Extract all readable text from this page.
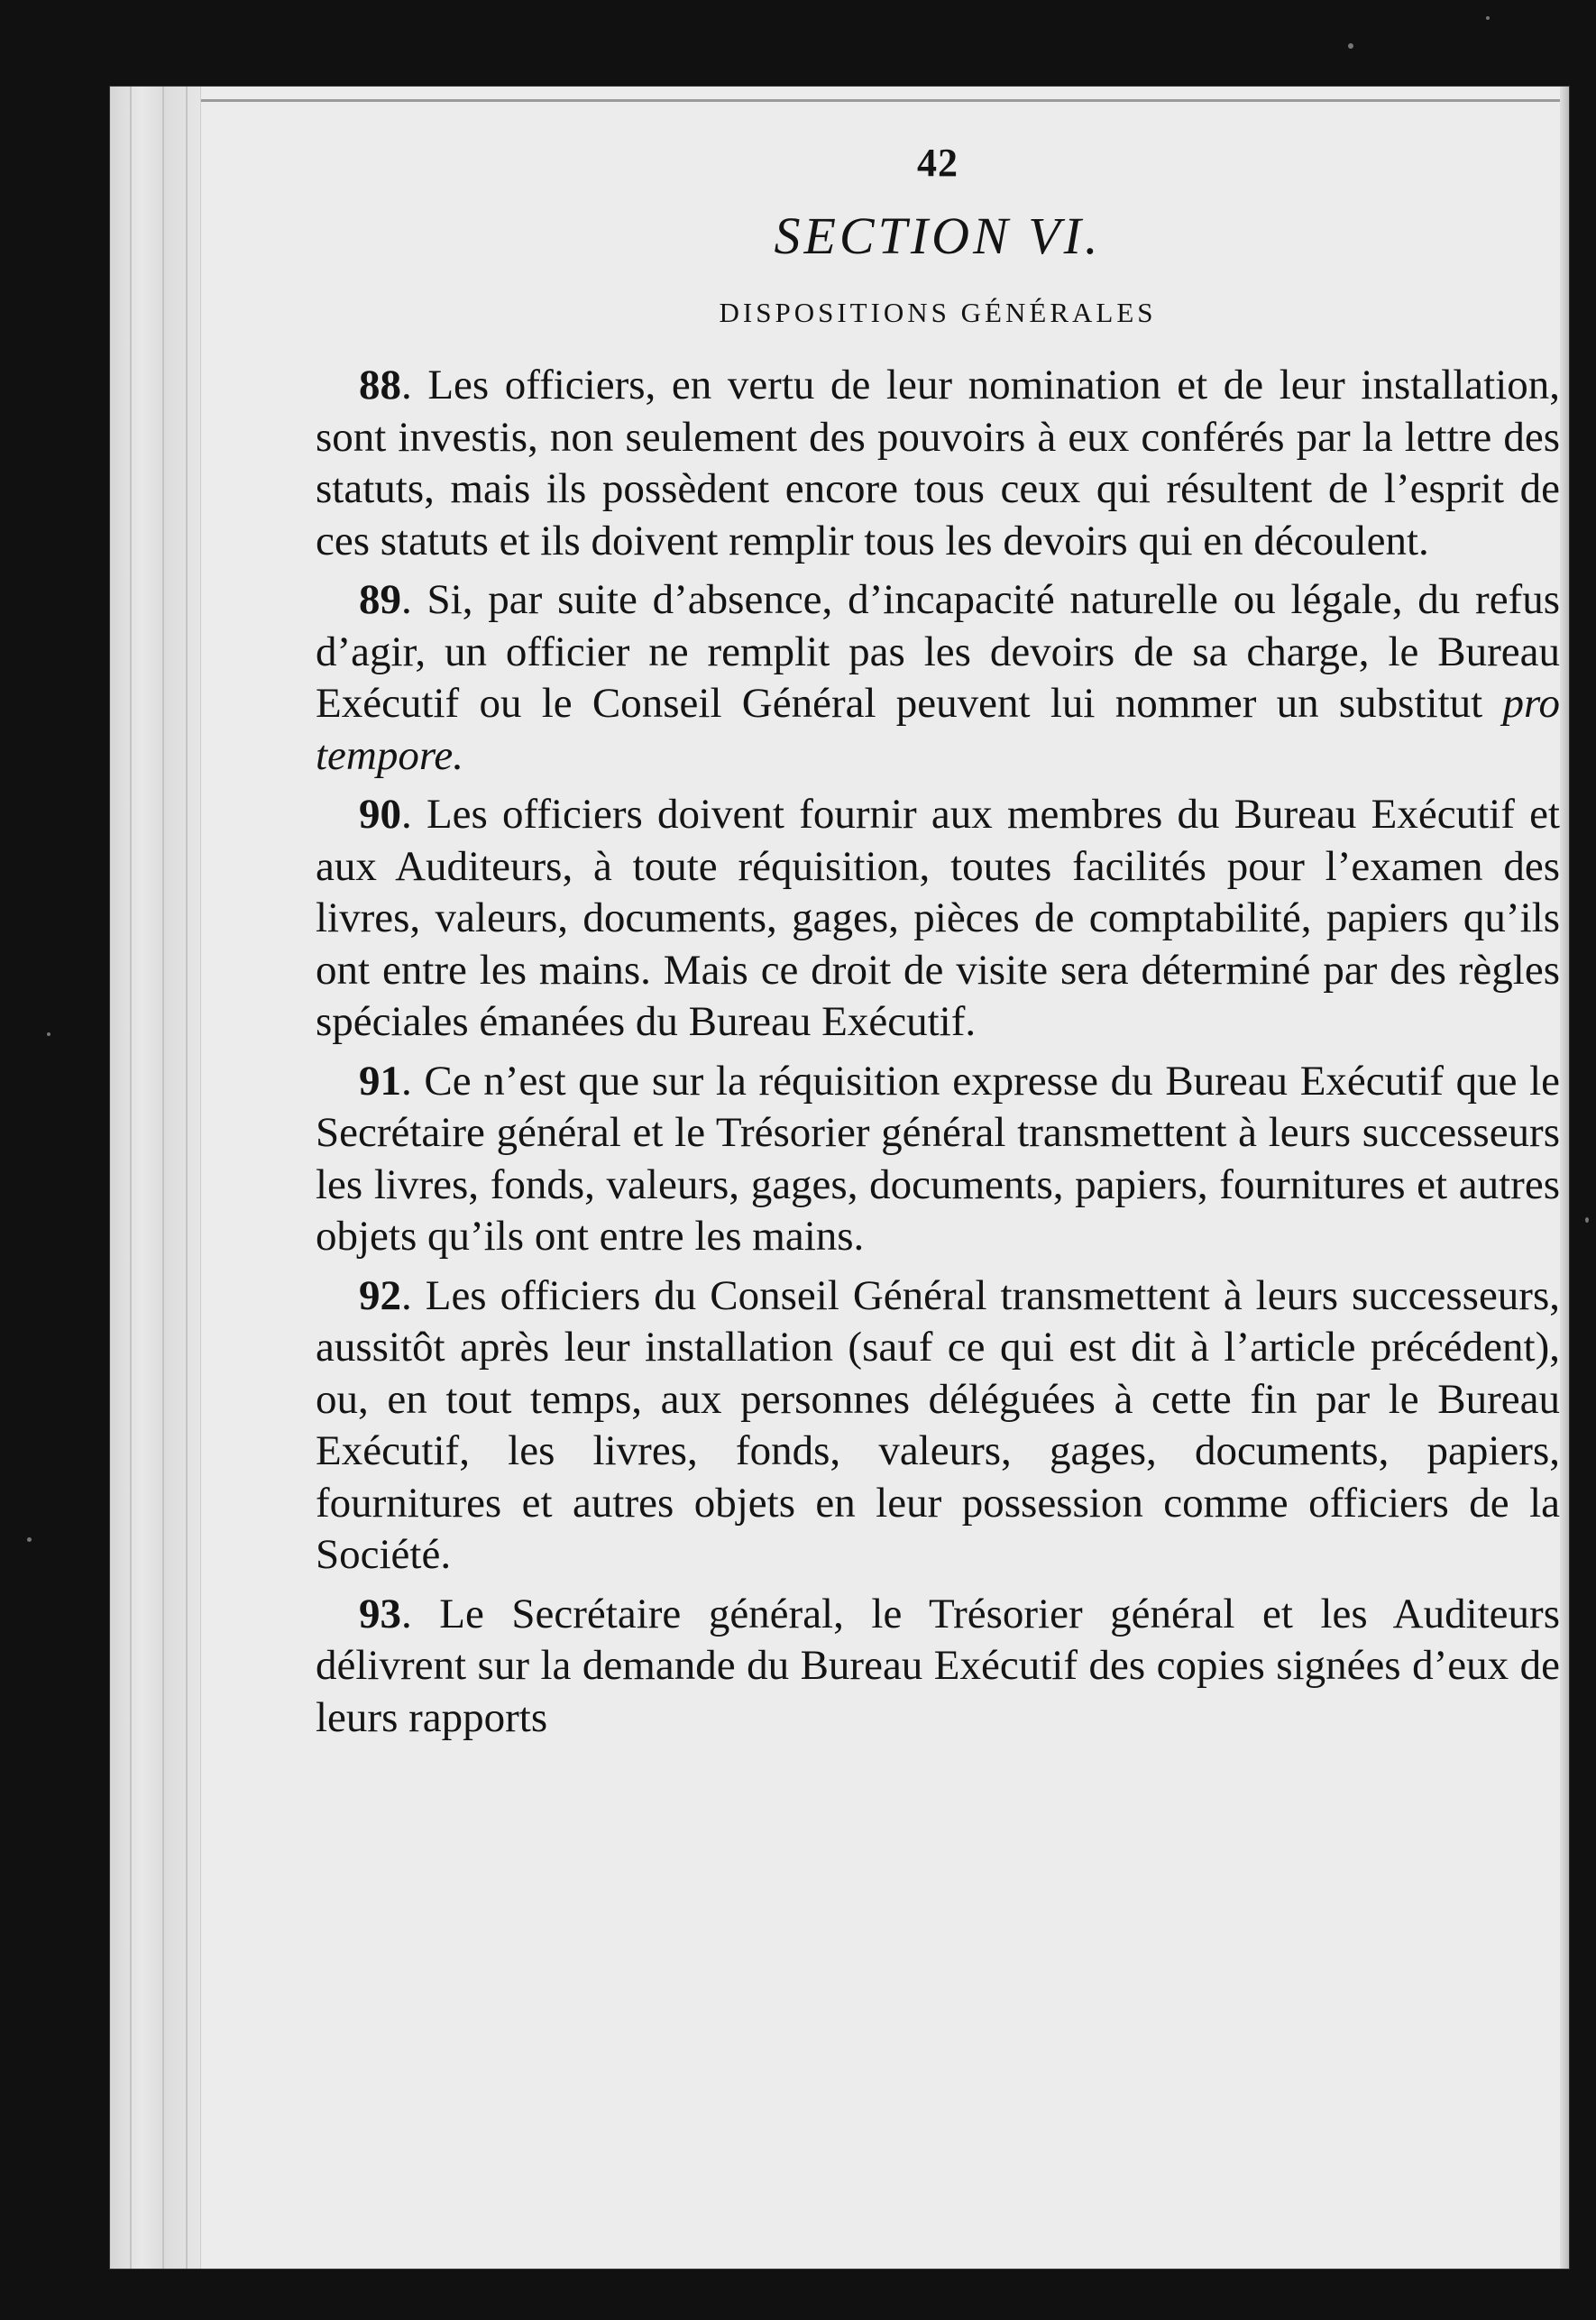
42
SECTION VI.
DISPOSITIONS GÉNÉRALES

88. Les officiers, en vertu de leur nomination et de leur installation, sont investis, non seulement des pouvoirs à eux conférés par la lettre des statuts, mais ils possèdent encore tous ceux qui résultent de l’esprit de ces statuts et ils doivent remplir tous les devoirs qui en découlent.

89. Si, par suite d’absence, d’incapacité naturelle ou légale, du refus d’agir, un officier ne remplit pas les devoirs de sa charge, le Bureau Exécutif ou le Conseil Général peuvent lui nommer un substitut pro tempore.

90. Les officiers doivent fournir aux membres du Bureau Exécutif et aux Auditeurs, à toute réquisition, toutes facilités pour l’examen des livres, valeurs, documents, gages, pièces de comptabilité, papiers qu’ils ont entre les mains. Mais ce droit de visite sera déterminé par des règles spéciales émanées du Bureau Exécutif.

91. Ce n’est que sur la réquisition expresse du Bureau Exécutif que le Secrétaire général et le Trésorier général transmettent à leurs successeurs les livres, fonds, valeurs, gages, documents, papiers, fournitures et autres objets qu’ils ont entre les mains.

92. Les officiers du Conseil Général transmettent à leurs successeurs, aussitôt après leur installation (sauf ce qui est dit à l’article précédent), ou, en tout temps, aux personnes déléguées à cette fin par le Bureau Exécutif, les livres, fonds, valeurs, gages, documents, papiers, fournitures et autres objets en leur possession comme officiers de la Société.

93. Le Secrétaire général, le Trésorier général et les Auditeurs délivrent sur la demande du Bureau Exécutif des copies signées d’eux de leurs rapports
